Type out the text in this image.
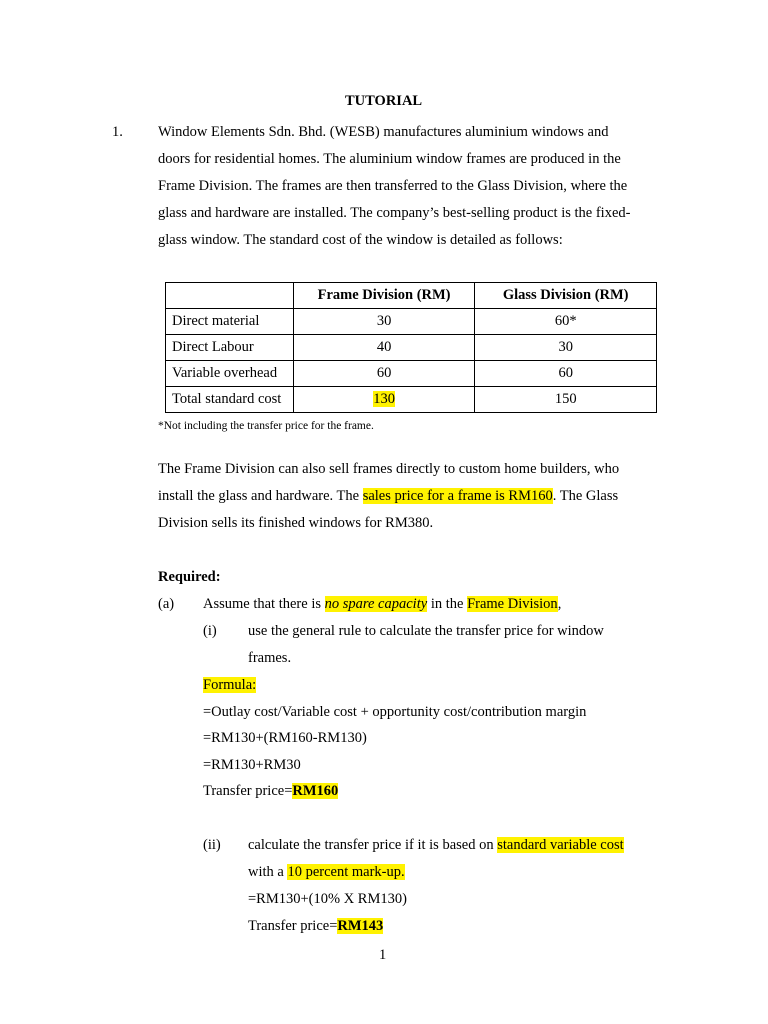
TUTORIAL
1. Window Elements Sdn. Bhd. (WESB) manufactures aluminium windows and
doors for residential homes. The aluminium window frames are produced in the
Frame Division. The frames are then transferred to the Glass Division, where the
glass and hardware are installed. The company’s best-selling product is the fixed-
glass window. The standard cost of the window is detailed as follows:
	Frame Division (RM)	Glass Division (RM)
Direct material	30	60*
Direct Labour	40	30
Variable overhead	60	60
Total standard cost	130	150
*Not including the transfer price for the frame.
The Frame Division can also sell frames directly to custom home builders, who
install the glass and hardware. The sales price for a frame is RM160. The Glass
Division sells its finished windows for RM380.
Required:
(a) Assume that there is no spare capacity in the Frame Division,
(i) use the general rule to calculate the transfer price for window
frames.
Formula:
=Outlay cost/Variable cost + opportunity cost/contribution margin
=RM130+(RM160-RM130)
=RM130+RM30
Transfer price=RM160
(ii) calculate the transfer price if it is based on standard variable cost
with a 10 percent mark-up.
=RM130+(10% X RM130)
Transfer price=RM143
1
